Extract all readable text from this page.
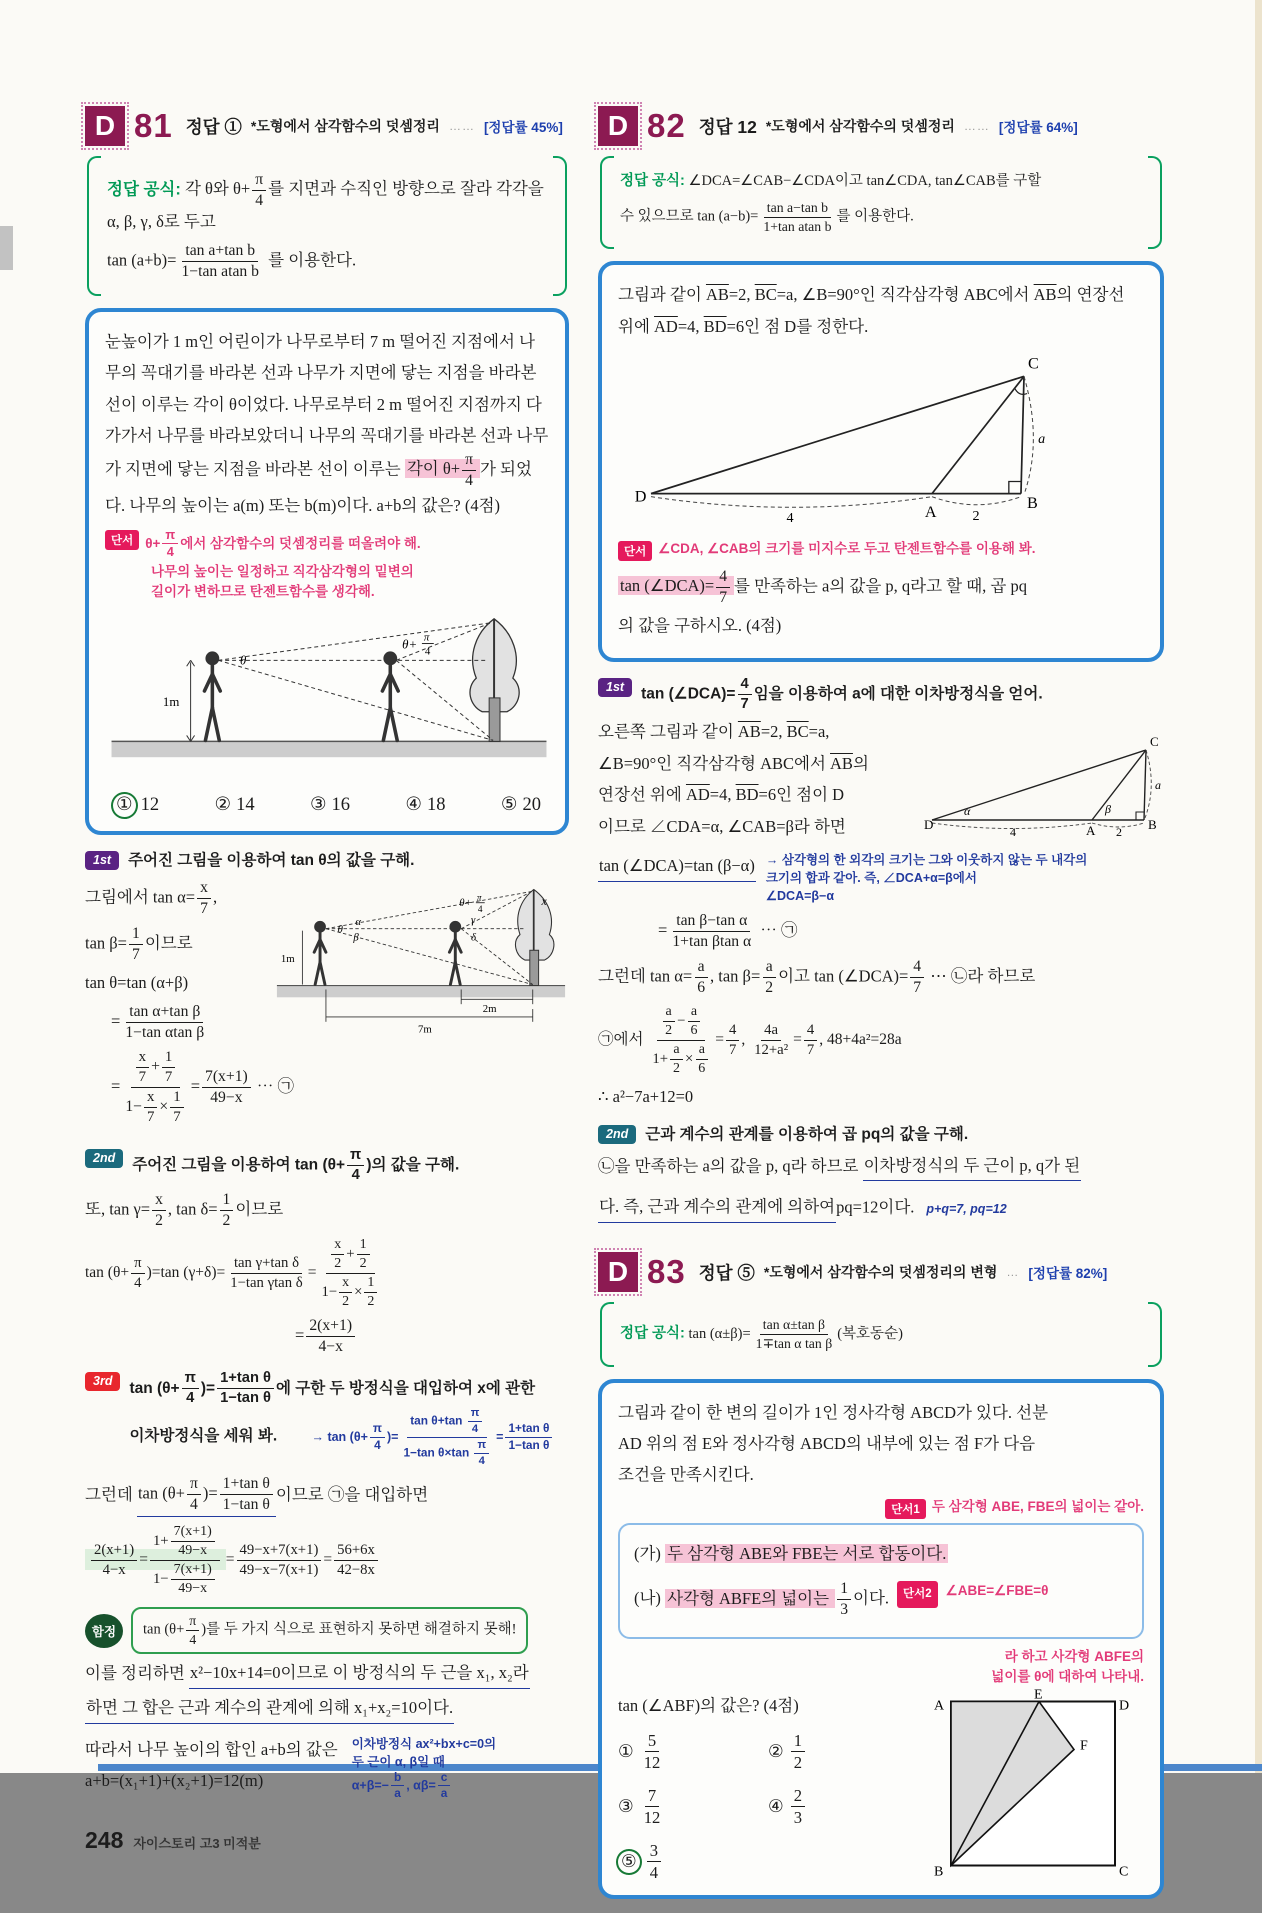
D 81 정답 ① *도형에서 삼각함수의 덧셈정리 …… [정답률 45%]
정답 공식: 각 θ와 $\theta+ \frac{\pi}{4}$ 를 지면과 수직인 방향으로 잘라 각각을 α, β, γ, δ로 두고
$\tan (a+b)= \frac{\text{tan a+tan b}}{\text{1−tan atan b}}$ 를 이용한다.

눈높이가 1 m인 어린이가 나무로부터 7 m 떨어진 지점에서 나무의 꼭대기를 바라본 선과 나무가 지면에 닿는 지점을 바라본 선이 이루는 각이 θ이었다. 나무로부터 2 m 떨어진 지점까지 다가가서 나무를 바라보았더니 나무의 꼭대기를 바라본 선과 나무가 지면에 닿는 지점을 바라본 선이 이루는 각이 $\theta+ \frac{\pi}{4}$ 가 되었다. 나무의 높이는 a(m) 또는 b(m)이다. a+b의 값은? (4점)

단서 $\theta+ \frac{\pi}{4}$ 에서 삼각함수의 덧셈정리를 떠올려야 해.
나무의 높이는 일정하고 직각삼각형의 밑변의
길이가 변하므로 탄젠트함수를 생각해.
1m
θ
θ+ π
4
① 12	② 14	③ 16	④ 18	⑤ 20
1st	주어진 그림을 이용하여 tan θ의 값을 구해.
1m
θ
α
β
γ
δ
θ+ π
4
x
2m
7m
그림에서 $\tan \alpha= \frac{x}{7}$ ,
$\tan \beta= \frac{1}{7}$ 이므로
tan θ=tan (α+β)
= $\frac{\text{tan α+tan β}}{\text{1−tan αtan β}}$
= $\frac{\frac{x}{7} + \frac{1}{7}}{1- \frac{x}{7} \times \frac{1}{7}} = \frac{7(x+1)}{49-x}$ ⋯ ㉠
2nd	주어진 그림을 이용하여 $\tan (\theta+ \frac{\pi}{4}$ )의 값을 구해.
또, $\tan \gamma= \frac{x}{2}$ , $\tan \delta= \frac{1}{2}$ 이므로
$\tan (\theta+ \frac{\pi}{4} )=\tan$ $(\gamma+\delta)= \frac{\text{tan γ+tan δ}}{\text{1−tan γtan δ}} = \frac{\frac{x}{2} + \frac{1}{2}}{1- \frac{x}{2} \times \frac{1}{2}}$
= $\frac{2(x+1)}{4-x}$
3rd	$\tan (\theta+ \frac{\pi}{4}$ )= $\frac{\text{1+tan θ}}{\text{1−tan θ}}$ 에 구한 두 방정식을 대입하여 x에 관한
이차방정식을 세워 봐.	→ $\tan (\theta+ \frac{\pi}{4}$ )= $\frac{\tan \theta+\tan \frac{\pi}{4}}{1-\tan \theta\times\tan \frac{\pi}{4}} = \frac{\text{1+tan θ}}{\text{1−tan θ}}$
그런데 $\tan (\theta+ \frac{\pi}{4}$ )= $\frac{\text{1+tan θ}}{\text{1−tan θ}}$ 이므로 ㉠을 대입하면
$\frac{2(x+1)}{4-x} = \frac{1+ \frac{7(x+1)}{49-x}}{1- \frac{7(x+1)}{49-x}} = \frac{49-x+7(x+1)}{49-x-7(x+1)} = \frac{56+6x}{42-8x}$
함정	$\tan (\theta+ \frac{\pi}{4}$ )를 두 가지 식으로 표현하지 못하면 해결하지 못해!
이를 정리하면 x²−10x+14=0이므로 이 방정식의 두 근을 x₁, x₂라
하면 그 합은 근과 계수의 관계에 의해 x₁+x₂=10이다.
따라서 나무 높이의 합인 a+b의 값은
a+b=(x₁+1)+(x₂+1)=12(m)
이차방정식 ax²+bx+c=0의
두 근이 α, β일 때
$\alpha+\beta=- \frac{b}{a}$ , $\alpha\beta= \frac{c}{a}$
248 자이스토리 고3 미적분
D 82 정답 12 *도형에서 삼각함수의 덧셈정리 …… [정답률 64%]
정답 공식: ∠DCA=∠CAB−∠CDA이고 tan∠CDA, tan∠CAB를 구할
수 있으므로 $\tan (a-b)= \frac{\text{tan a−tan b}}{\text{1+tan atan b}}$ 를 이용한다.

그림과 같이 $\overline{AB}=2$, $\overline{BC}=a$, ∠B=90°인 직각삼각형 ABC에서 $\overline{AB}$의 연장선 위에 $\overline{AD}=4$, $\overline{BD}=6$인 점 D를 정한다.

D
A
B
C
4	2
a
단서 ∠CDA, ∠CAB의 크기를 미지수로 두고 탄젠트함수를 이용해 봐.
tan (∠DCA)= $\frac{4}{7}$ 를 만족하는 a의 값을 p, q라고 할 때, 곱 pq
의 값을 구하시오. (4점)
1st	tan (∠DCA)= $\frac{4}{7}$ 임을 이용하여 a에 대한 이차방정식을 얻어.
D	A	B
C
α	β
4	2
a
오른쪽 그림과 같이 $\overline{AB}=2$, $\overline{BC}=a$,
∠B=90°인 직각삼각형 ABC에서 $\overline{AB}$의
연장선 위에 $\overline{AD}=4$, $\overline{BD}=6$인 점이 D
이므로 ∠CDA=α, ∠CAB=β라 하면
tan (∠DCA)=tan (β−α)	→ 삼각형의 한 외각의 크기는 그와 이웃하지 않는 두 내각의
크기의 합과 같아. 즉, ∠DCA+α=β에서
∠DCA=β−α
= $\frac{\text{tan β−tan α}}{\text{1+tan βtan α}}$ ⋯ ㉠
그런데 $\tan \alpha= \frac{a}{6}$ , $\tan \beta= \frac{a}{2}$ 이고 tan (∠DCA)= $\frac{4}{7}$ ⋯ ㉡라 하므로
㉠에서 $\frac{\frac{a}{2} - \frac{a}{6}}{1+ \frac{a}{2} \times \frac{a}{6}} = \frac{4}{7}$ , $\frac{4a}{\text{12+a²}} = \frac{4}{7}$ , 48+4a²=28a
∴ a²−7a+12=0
2nd	근과 계수의 관계를 이용하여 곱 pq의 값을 구해.
㉡을 만족하는 a의 값을 p, q라 하므로 이차방정식의 두 근이 p, q가 된
다. 즉, 근과 계수의 관계에 의하여pq=12이다. p+q=7, pq=12
D 83 정답 ⑤ *도형에서 삼각함수의 덧셈정리의 변형 … [정답률 82%]
정답 공식: $\tan (\alpha\pm\beta)= \frac{\text{tan α±tan β}}{\text{1∓tan α tan β}}$ (복호동순)

그림과 같이 한 변의 길이가 1인 정사각형 ABCD가 있다. 선분

AD 위의 점 E와 정사각형 ABCD의 내부에 있는 점 F가 다음

조건을 만족시킨다.

단서1 두 삼각형 ABE, FBE의 넓이는 같아.
(가) 두 삼각형 ABE와 FBE는 서로 합동이다.
(나) 사각형 ABFE의 넓이는 $\frac{1}{3}$ 이다.	단서2	∠ABE=∠FBE=θ
라 하고 사각형 ABFE의
넓이를 θ에 대하여 나타내.
tan (∠ABF)의 값은? (4점)
① $\frac{5}{12}$	② $\frac{1}{2}$
③ $\frac{7}{12}$	④ $\frac{2}{3}$
⑤ $\frac{3}{4}$
A
E
D
F
B	C
